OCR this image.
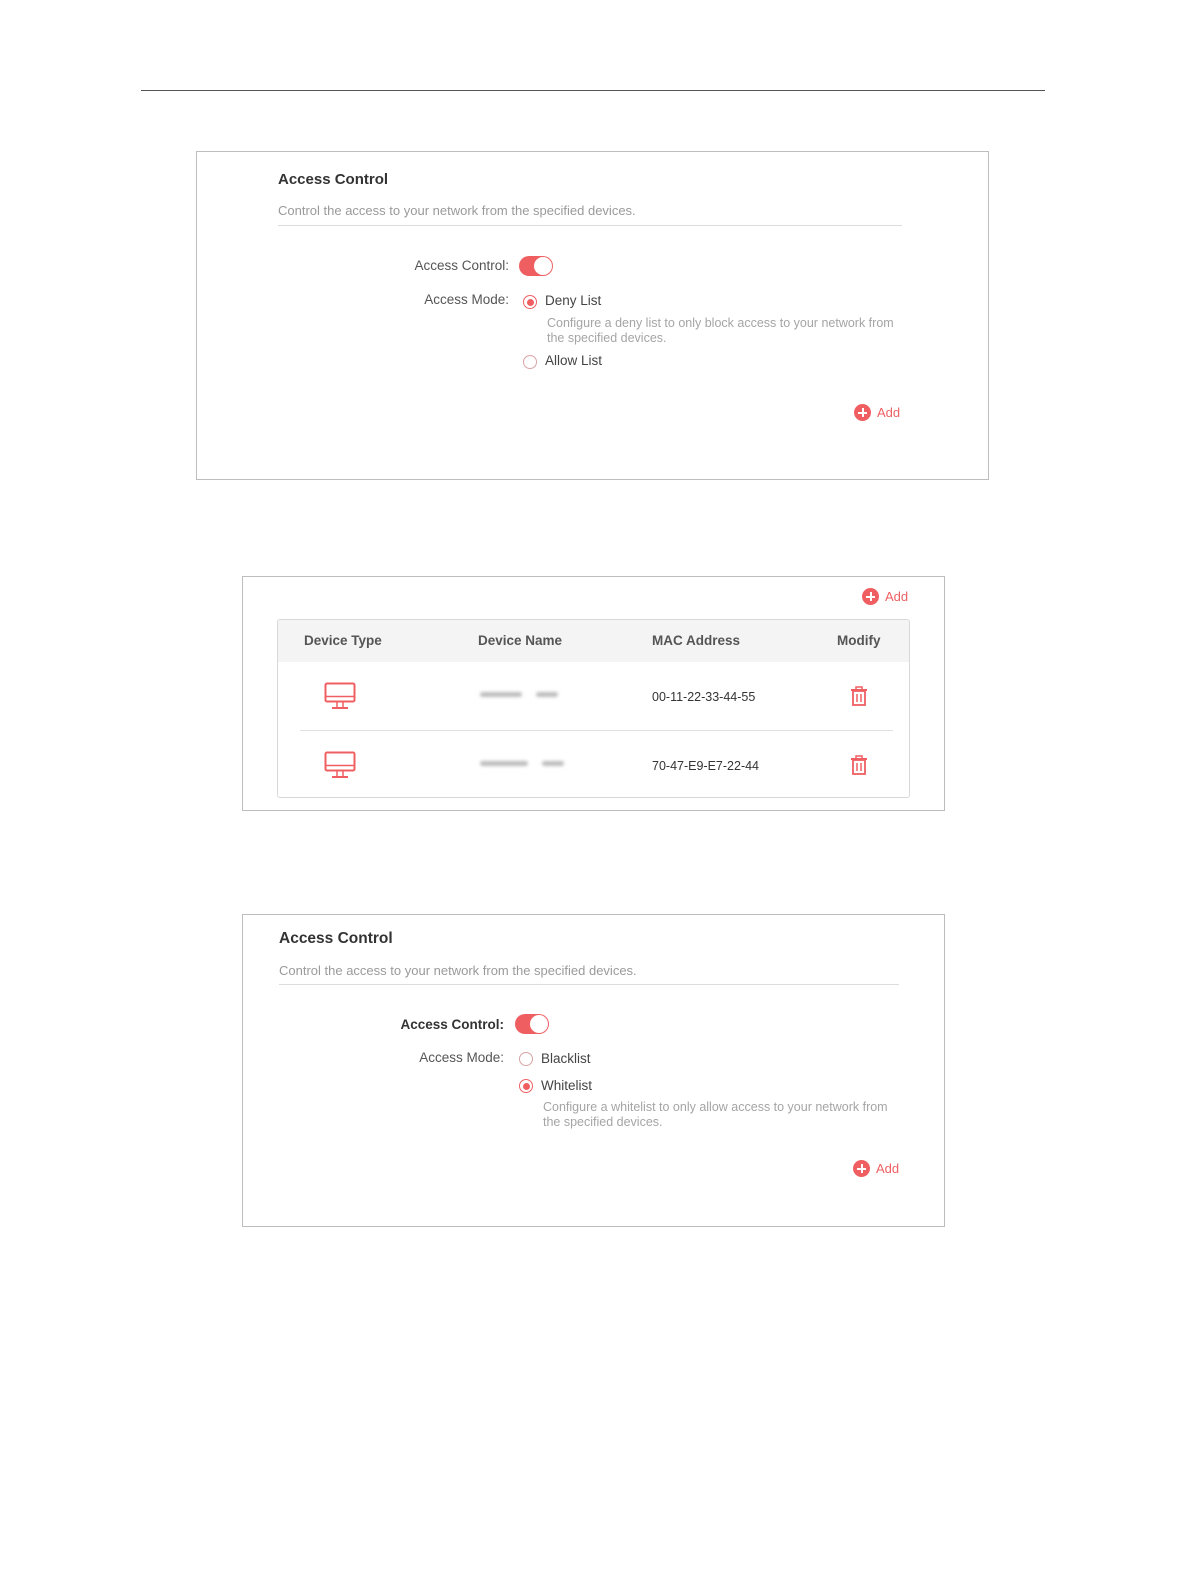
Access Control
Control the access to your network from the specified devices.
Access Control:
Access Mode:	Deny List
Configure a deny list to only block access to your network from the specified devices.
Allow List
Add
Add
Device Type	Device Name	MAC Address	Modify
00-11-22-33-44-55
70-47-E9-E7-22-44
Access Control
Control the access to your network from the specified devices.
Access Control:
Access Mode:	Blacklist
Whitelist
Configure a whitelist to only allow access to your network from the specified devices.
Add
